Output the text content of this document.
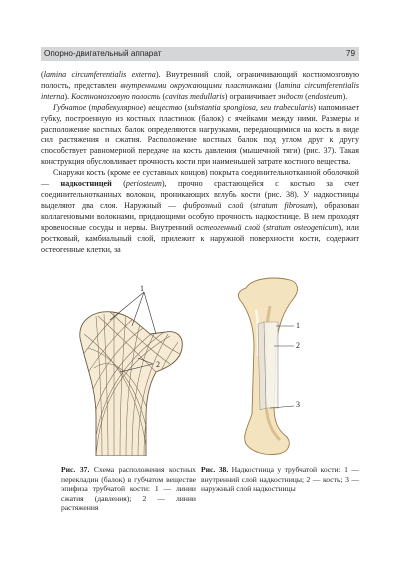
Опорно-двигательный аппарат	79

(lamina circumferentialis externa). Внутренний слой, ограничивающий костномозговую полость, представлен внутренними окружающими пластинками (lamina circumferentialis interna). Костномозговую полость (cavitas medullaris) ограничивает эндост (endosteum).

Губчатое (трабекулярное) вещество (substantia spongiosa, seu trabecularis) напоминает губку, построенную из костных пластинок (балок) с ячейками между ними. Размеры и расположение костных балок определяются нагрузками, передающимися на кость в виде сил растяжения и сжатия. Расположение костных балок под углом друг к другу способствует равномерной передаче на кость давления (мышечной тяги) (рис. 37). Такая конструкция обусловливает прочность кости при наименьшей затрате костного вещества.

Снаружи кость (кроме ее суставных концов) покрыта соединительнотканной оболочкой — надкостницей (periosteum), прочно срастающейся с костью за счет соединительнотканных волокон, проникающих вглубь кости (рис. 38). У надкостницы выделяют два слоя. Наружный — фиброзный слой (stratum fibrosum), образован коллагеновыми волокнами, придающими особую прочность надкостнице. В нем проходят кровеносные сосуды и нервы. Внутренний остеогенный слой (stratum osteogenicum), или ростковый, камбиальный слой, прилежит к наружной поверхности кости, содержит остеогенные клетки, за

1
2
1
2
3
Рис. 37. Схема расположения костных перекладин (балок) в губчатом веществе эпифиза трубчатой кости: 1 — линии сжатия (давления); 2 — линии растяжения
Рис. 38. Надкостница у трубчатой кости: 1 — внутренний слой надкостницы; 2 — кость; 3 — наружный слой надкостницы
